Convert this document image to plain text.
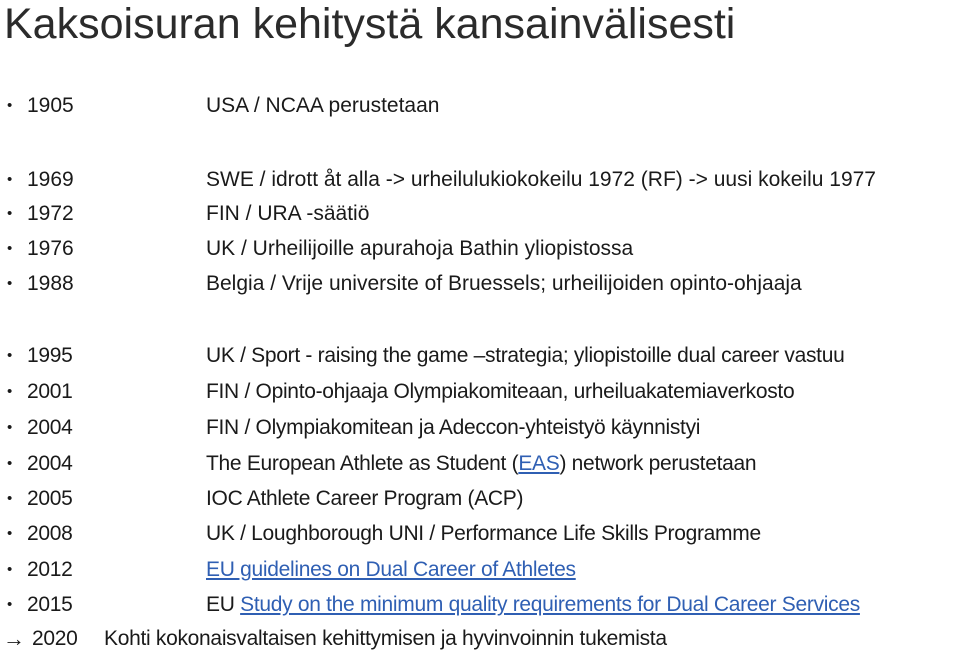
Kaksoisuran kehitystä kansainvälisesti
• 1905	USA / NCAA perustetaan
• 1969	SWE / idrott åt alla -> urheilulukiokokeilu 1972 (RF) -> uusi kokeilu 1977
• 1972	FIN / URA -säätiö
• 1976	UK / Urheilijoille apurahoja Bathin yliopistossa
• 1988	Belgia / Vrije universite of Bruessels; urheilijoiden opinto-ohjaaja
• 1995	UK / Sport - raising the game –strategia; yliopistoille dual career vastuu
• 2001	FIN / Opinto-ohjaaja Olympiakomiteaan, urheiluakatemiaverkosto
• 2004	FIN / Olympiakomitean ja Adeccon-yhteistyö käynnistyi
• 2004	The European Athlete as Student (EAS) network perustetaan
• 2005	IOC Athlete Career Program (ACP)
• 2008	UK / Loughborough UNI / Performance Life Skills Programme
• 2012	EU guidelines on Dual Career of Athletes
• 2015	EU Study on the minimum quality requirements for Dual Career Services
→ 2020 Kohti kokonaisvaltaisen kehittymisen ja hyvinvoinnin tukemista
